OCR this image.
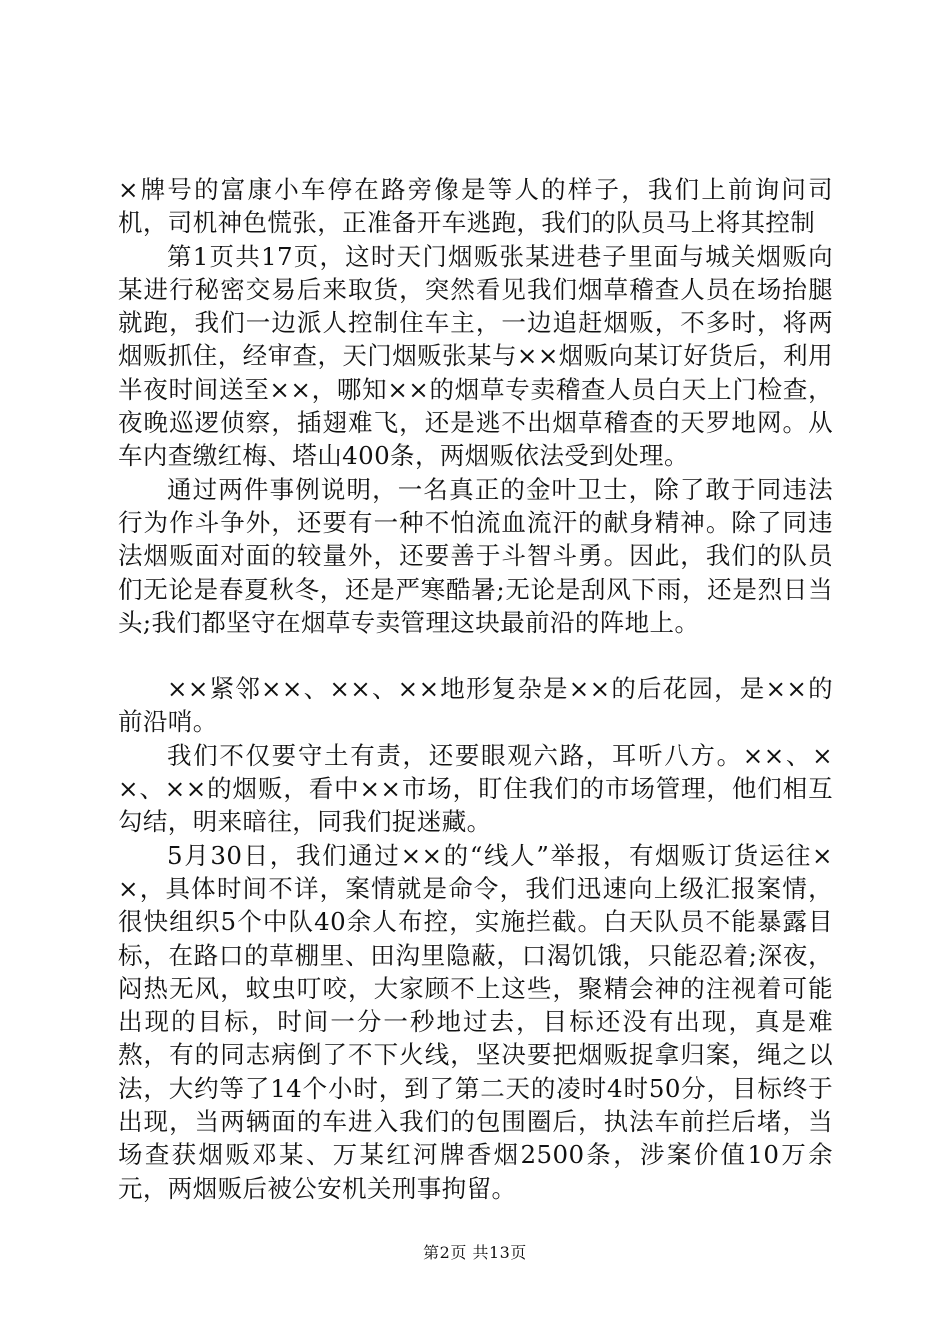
×牌号的富康小车停在路旁像是等人的样子，我们上前询问司机，司机神色慌张，正准备开车逃跑，我们的队员马上将其控制

第1页共17页，这时天门烟贩张某进巷子里面与城关烟贩向某进行秘密交易后来取货，突然看见我们烟草稽查人员在场抬腿就跑，我们一边派人控制住车主，一边追赶烟贩，不多时，将两烟贩抓住，经审查，天门烟贩张某与××烟贩向某订好货后，利用半夜时间送至××，哪知××的烟草专卖稽查人员白天上门检查，夜晚巡逻侦察，插翅难飞，还是逃不出烟草稽查的天罗地网。从车内查缴红梅、塔山400条，两烟贩依法受到处理。

通过两件事例说明，一名真正的金叶卫士，除了敢于同违法行为作斗争外，还要有一种不怕流血流汗的献身精神。除了同违法烟贩面对面的较量外，还要善于斗智斗勇。因此，我们的队员们无论是春夏秋冬，还是严寒酷暑;无论是刮风下雨，还是烈日当头;我们都坚守在烟草专卖管理这块最前沿的阵地上。

××紧邻××、××、××地形复杂是××的后花园，是××的前沿哨。

我们不仅要守土有责，还要眼观六路，耳听八方。××、××、××的烟贩，看中××市场，盯住我们的市场管理，他们相互勾结，明来暗往，同我们捉迷藏。

5月30日，我们通过××的“线人”举报，有烟贩订货运往××，具体时间不详，案情就是命令，我们迅速向上级汇报案情，很快组织5个中队40余人布控，实施拦截。白天队员不能暴露目标，在路口的草棚里、田沟里隐蔽，口渴饥饿，只能忍着;深夜，闷热无风，蚊虫叮咬，大家顾不上这些，聚精会神的注视着可能出现的目标，时间一分一秒地过去，目标还没有出现，真是难熬，有的同志病倒了不下火线，坚决要把烟贩捉拿归案，绳之以法，大约等了14个小时，到了第二天的凌时4时50分，目标终于出现，当两辆面的车进入我们的包围圈后，执法车前拦后堵，当场查获烟贩邓某、万某红河牌香烟2500条，涉案价值10万余元，两烟贩后被公安机关刑事拘留。

第2页 共13页
